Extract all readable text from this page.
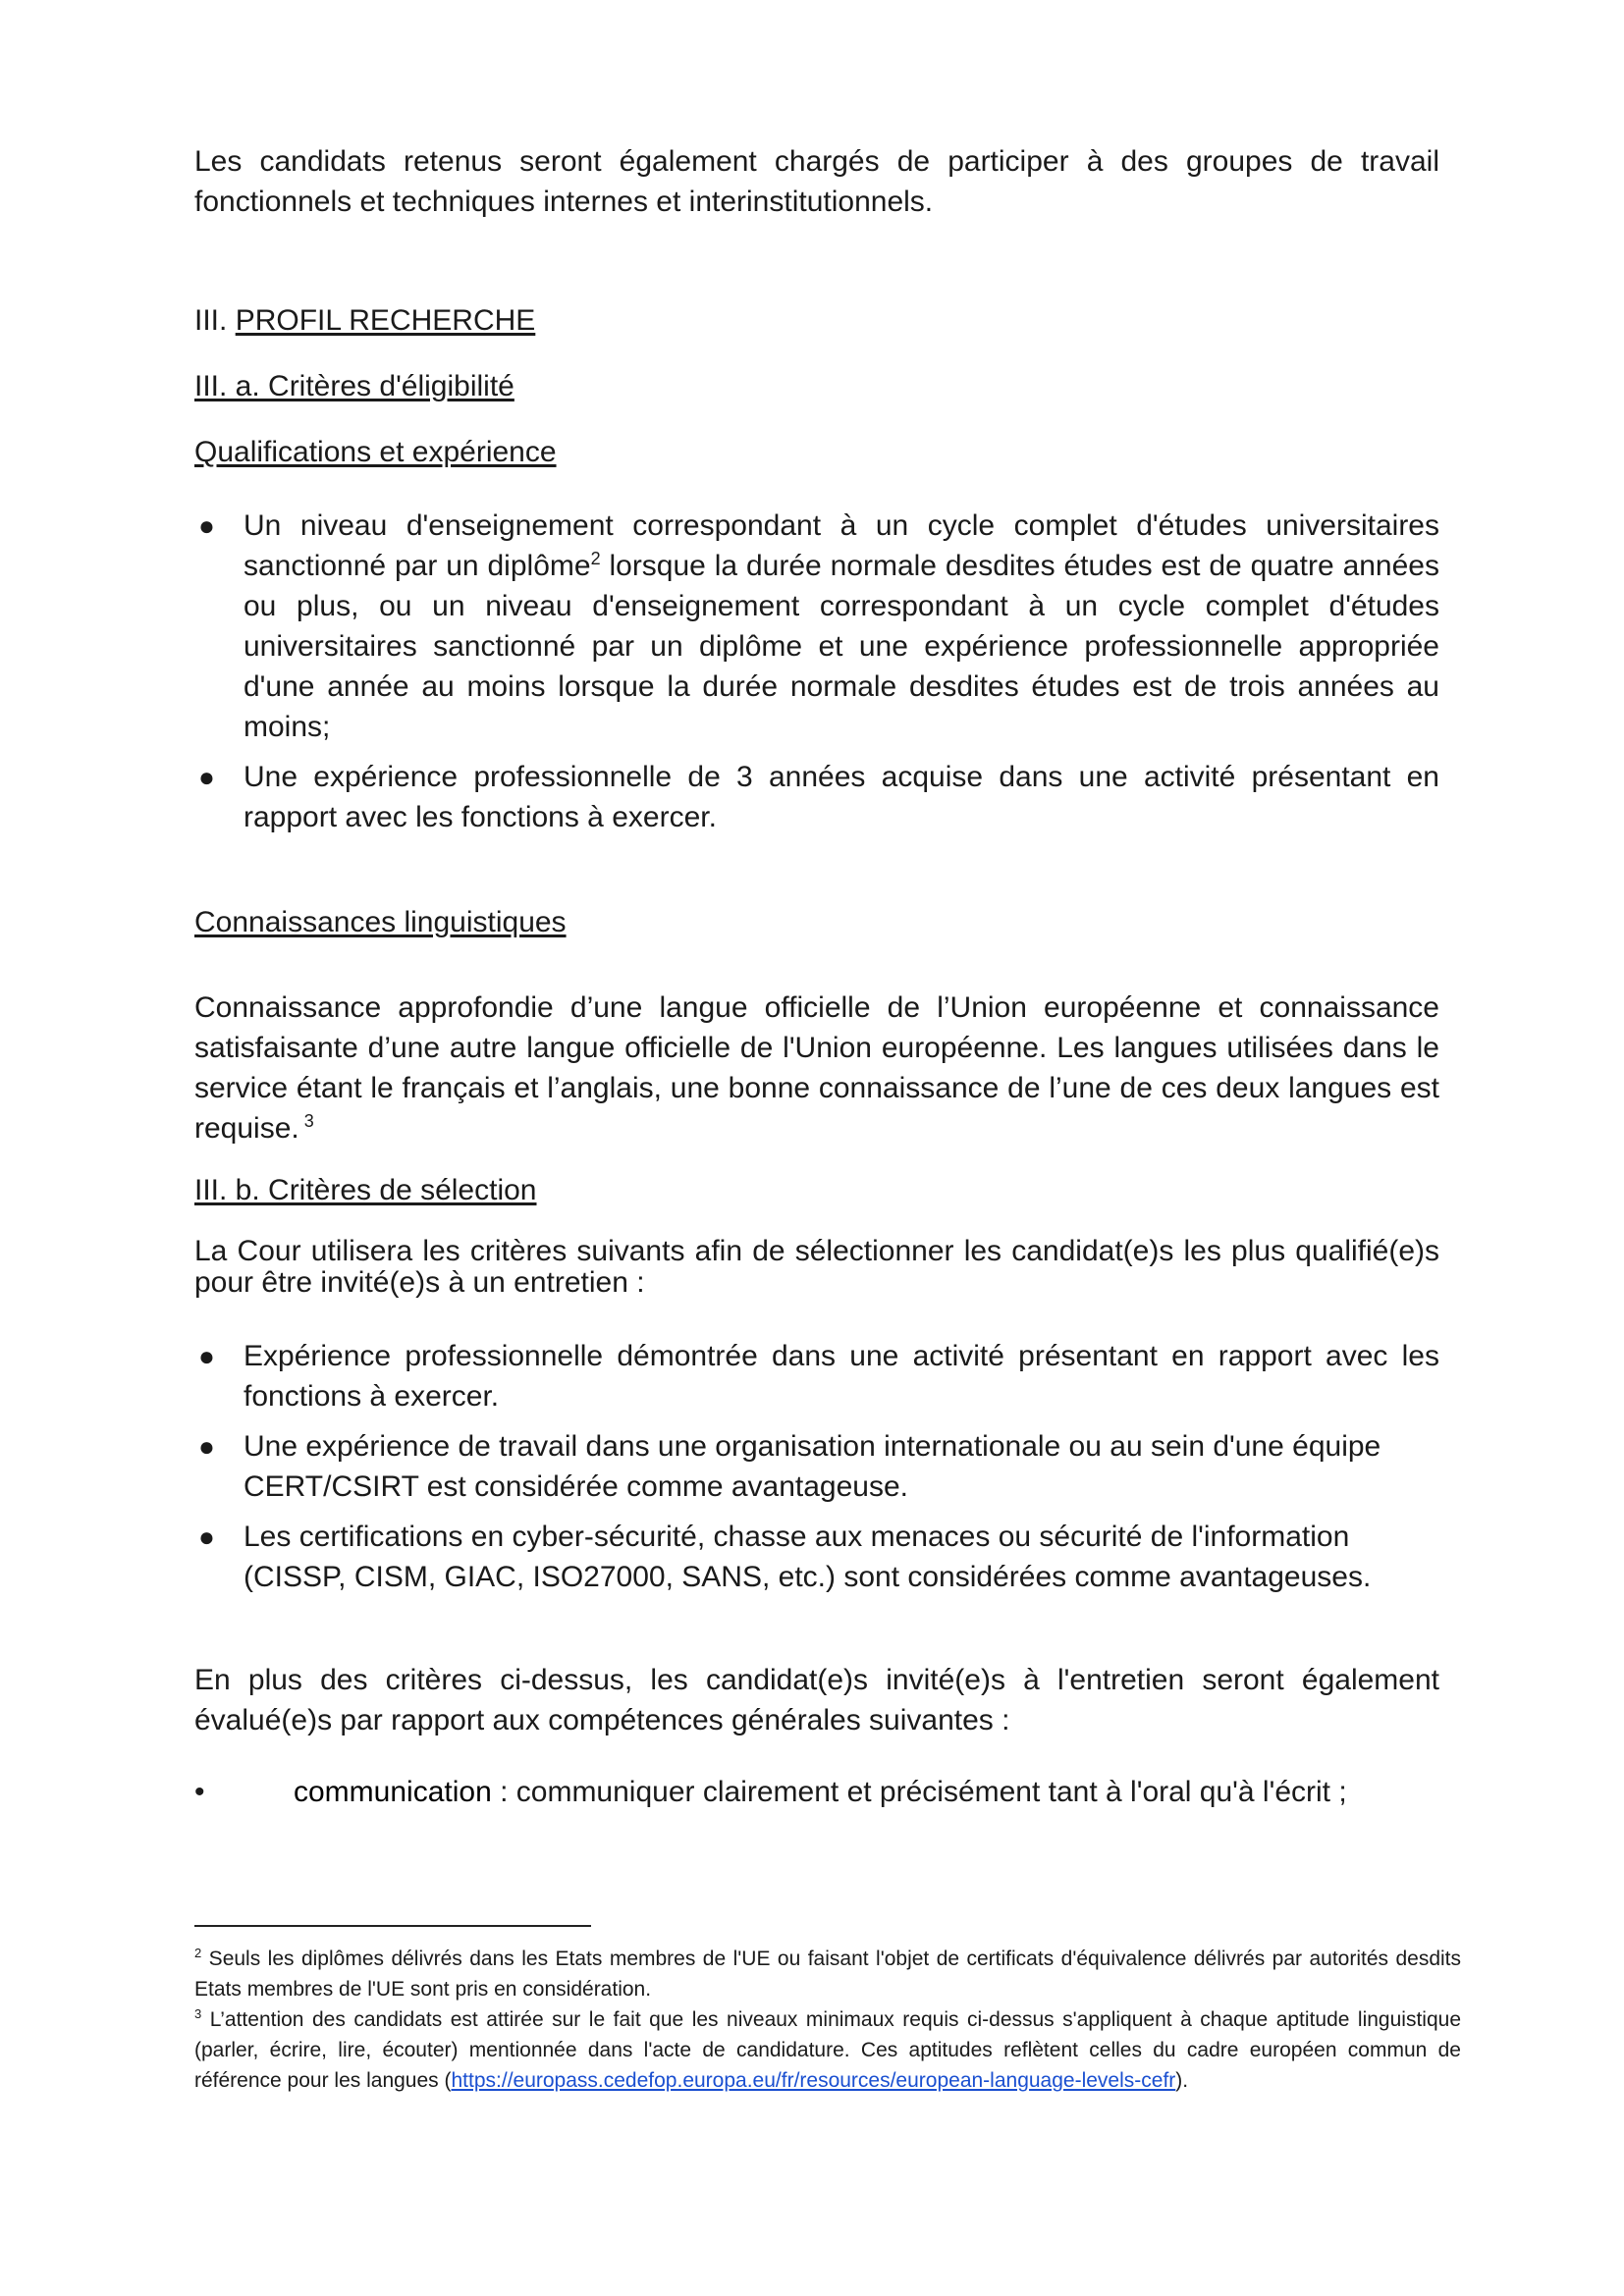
Les candidats retenus seront également chargés de participer à des groupes de travail

fonctionnels et techniques internes et interinstitutionnels.

III. PROFIL RECHERCHE

III. a. Critères d'éligibilité

Qualifications et expérience

● Un niveau d'enseignement correspondant à un cycle complet d'études universitaires sanctionné par un diplôme$^2$ lorsque la durée normale desdites études est de quatre années ou plus, ou un niveau d'enseignement correspondant à un cycle complet d'études universitaires sanctionné par un diplôme et une expérience professionnelle appropriée d'une année au moins lorsque la durée normale desdites études est de trois années au moins;
● Une expérience professionnelle de 3 années acquise dans une activité présentant en rapport avec les fonctions à exercer.

Connaissances linguistiques

Connaissance approfondie d’une langue officielle de l’Union européenne et connaissance satisfaisante d’une autre langue officielle de l'Union européenne. Les langues utilisées dans le service étant le français et l’anglais, une bonne connaissance de l’une de ces deux langues est requise. $^3$

III. b. Critères de sélection

La Cour utilisera les critères suivants afin de sélectionner les candidat(e)s les plus qualifié(e)s

pour être invité(e)s à un entretien :

● Expérience professionnelle démontrée dans une activité présentant en rapport avec les fonctions à exercer.
● Une expérience de travail dans une organisation internationale ou au sein d'une équipe CERT/CSIRT est considérée comme avantageuse.
● Les certifications en cyber-sécurité, chasse aux menaces ou sécurité de l'information (CISSP, CISM, GIAC, ISO27000, SANS, etc.) sont considérées comme avantageuses.

En plus des critères ci-dessus, les candidat(e)s invité(e)s à l'entretien seront également évalué(e)s par rapport aux compétences générales suivantes :

•	communication : communiquer clairement et précisément tant à l'oral qu'à l'écrit ;

$^2$ Seuls les diplômes délivrés dans les Etats membres de l'UE ou faisant l'objet de certificats d'équivalence délivrés par autorités desdits Etats membres de l'UE sont pris en considération.

$^3$ L’attention des candidats est attirée sur le fait que les niveaux minimaux requis ci-dessus s'appliquent à chaque aptitude linguistique (parler, écrire, lire, écouter) mentionnée dans l'acte de candidature. Ces aptitudes reflètent celles du cadre européen commun de référence pour les langues (https://europass.cedefop.europa.eu/fr/resources/european-language-levels-cefr).
